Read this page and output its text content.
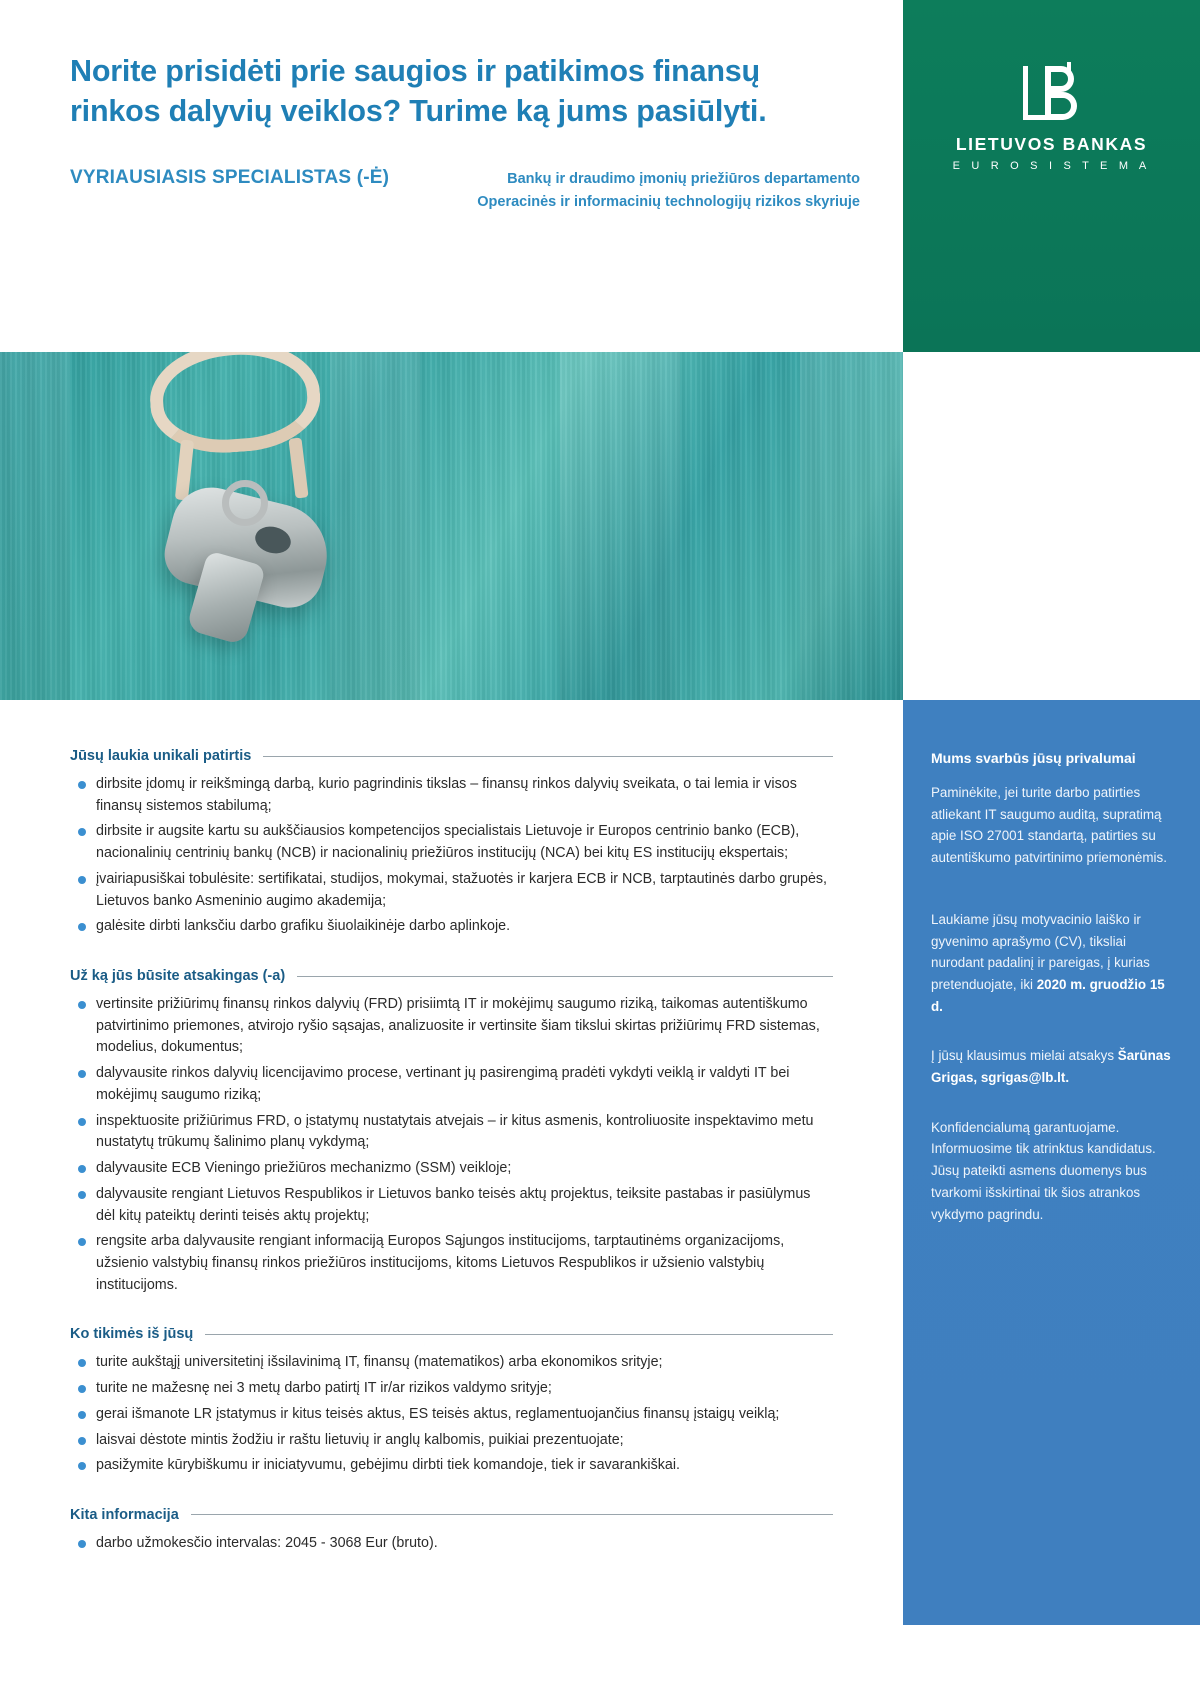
Norite prisidėti prie saugios ir patikimos finansų rinkos dalyvių veiklos? Turime ką jums pasiūlyti.
VYRIAUSIASIS SPECIALISTAS (-Ė)	Bankų ir draudimo įmonių priežiūros departamento Operacinės ir informacinių technologijų rizikos skyriuje
LIETUVOS BANKAS
E U R O S I S T E M A
Jūsų laukia unikali patirtis
dirbsite įdomų ir reikšmingą darbą, kurio pagrindinis tikslas – finansų rinkos dalyvių sveikata, o tai lemia ir visos finansų sistemos stabilumą;
dirbsite ir augsite kartu su aukščiausios kompetencijos specialistais Lietuvoje ir Europos centrinio banko (ECB), nacionalinių centrinių bankų (NCB) ir nacionalinių priežiūros institucijų (NCA) bei kitų ES institucijų ekspertais;
įvairiapusiškai tobulėsite: sertifikatai, studijos, mokymai, stažuotės ir karjera ECB ir NCB, tarptautinės darbo grupės, Lietuvos banko Asmeninio augimo akademija;
galėsite dirbti lanksčiu darbo grafiku šiuolaikinėje darbo aplinkoje.
Už ką jūs būsite atsakingas (-a)
vertinsite prižiūrimų finansų rinkos dalyvių (FRD) prisiimtą IT ir mokėjimų saugumo riziką, taikomas autentiškumo patvirtinimo priemones, atvirojo ryšio sąsajas, analizuosite ir vertinsite šiam tikslui skirtas prižiūrimų FRD sistemas, modelius, dokumentus;
dalyvausite rinkos dalyvių licencijavimo procese, vertinant jų pasirengimą pradėti vykdyti veiklą ir valdyti IT bei mokėjimų saugumo riziką;
inspektuosite prižiūrimus FRD, o įstatymų nustatytais atvejais – ir kitus asmenis, kontroliuosite inspektavimo metu nustatytų trūkumų šalinimo planų vykdymą;
dalyvausite ECB Vieningo priežiūros mechanizmo (SSM) veikloje;
dalyvausite rengiant Lietuvos Respublikos ir Lietuvos banko teisės aktų projektus, teiksite pastabas ir pasiūlymus dėl kitų pateiktų derinti teisės aktų projektų;
rengsite arba dalyvausite rengiant informaciją Europos Sąjungos institucijoms, tarptautinėms organizacijoms, užsienio valstybių finansų rinkos priežiūros institucijoms, kitoms Lietuvos Respublikos ir užsienio valstybių institucijoms.
Ko tikimės iš jūsų
turite aukštąjį universitetinį išsilavinimą IT, finansų (matematikos) arba ekonomikos srityje;
turite ne mažesnę nei 3 metų darbo patirtį IT ir/ar rizikos valdymo srityje;
gerai išmanote LR įstatymus ir kitus teisės aktus, ES teisės aktus, reglamentuojančius finansų įstaigų veiklą;
laisvai dėstote mintis žodžiu ir raštu lietuvių ir anglų kalbomis, puikiai prezentuojate;
pasižymite kūrybiškumu ir iniciatyvumu, gebėjimu dirbti tiek komandoje, tiek ir savarankiškai.
Kita informacija
darbo užmokesčio intervalas: 2045 - 3068 Eur (bruto).
Mums svarbūs jūsų privalumai

Paminėkite, jei turite darbo patirties atliekant IT saugumo auditą, supratimą apie ISO 27001 standartą, patirties su autentiškumo patvirtinimo priemonėmis.

Laukiame jūsų motyvacinio laiško ir gyvenimo aprašymo (CV), tiksliai nurodant padalinį ir pareigas, į kurias pretenduojate, iki 2020 m. gruodžio 15 d.

Į jūsų klausimus mielai atsakys Šarūnas Grigas, sgrigas@lb.lt.

Konfidencialumą garantuojame. Informuosime tik atrinktus kandidatus. Jūsų pateikti asmens duomenys bus tvarkomi išskirtinai tik šios atrankos vykdymo pagrindu.
